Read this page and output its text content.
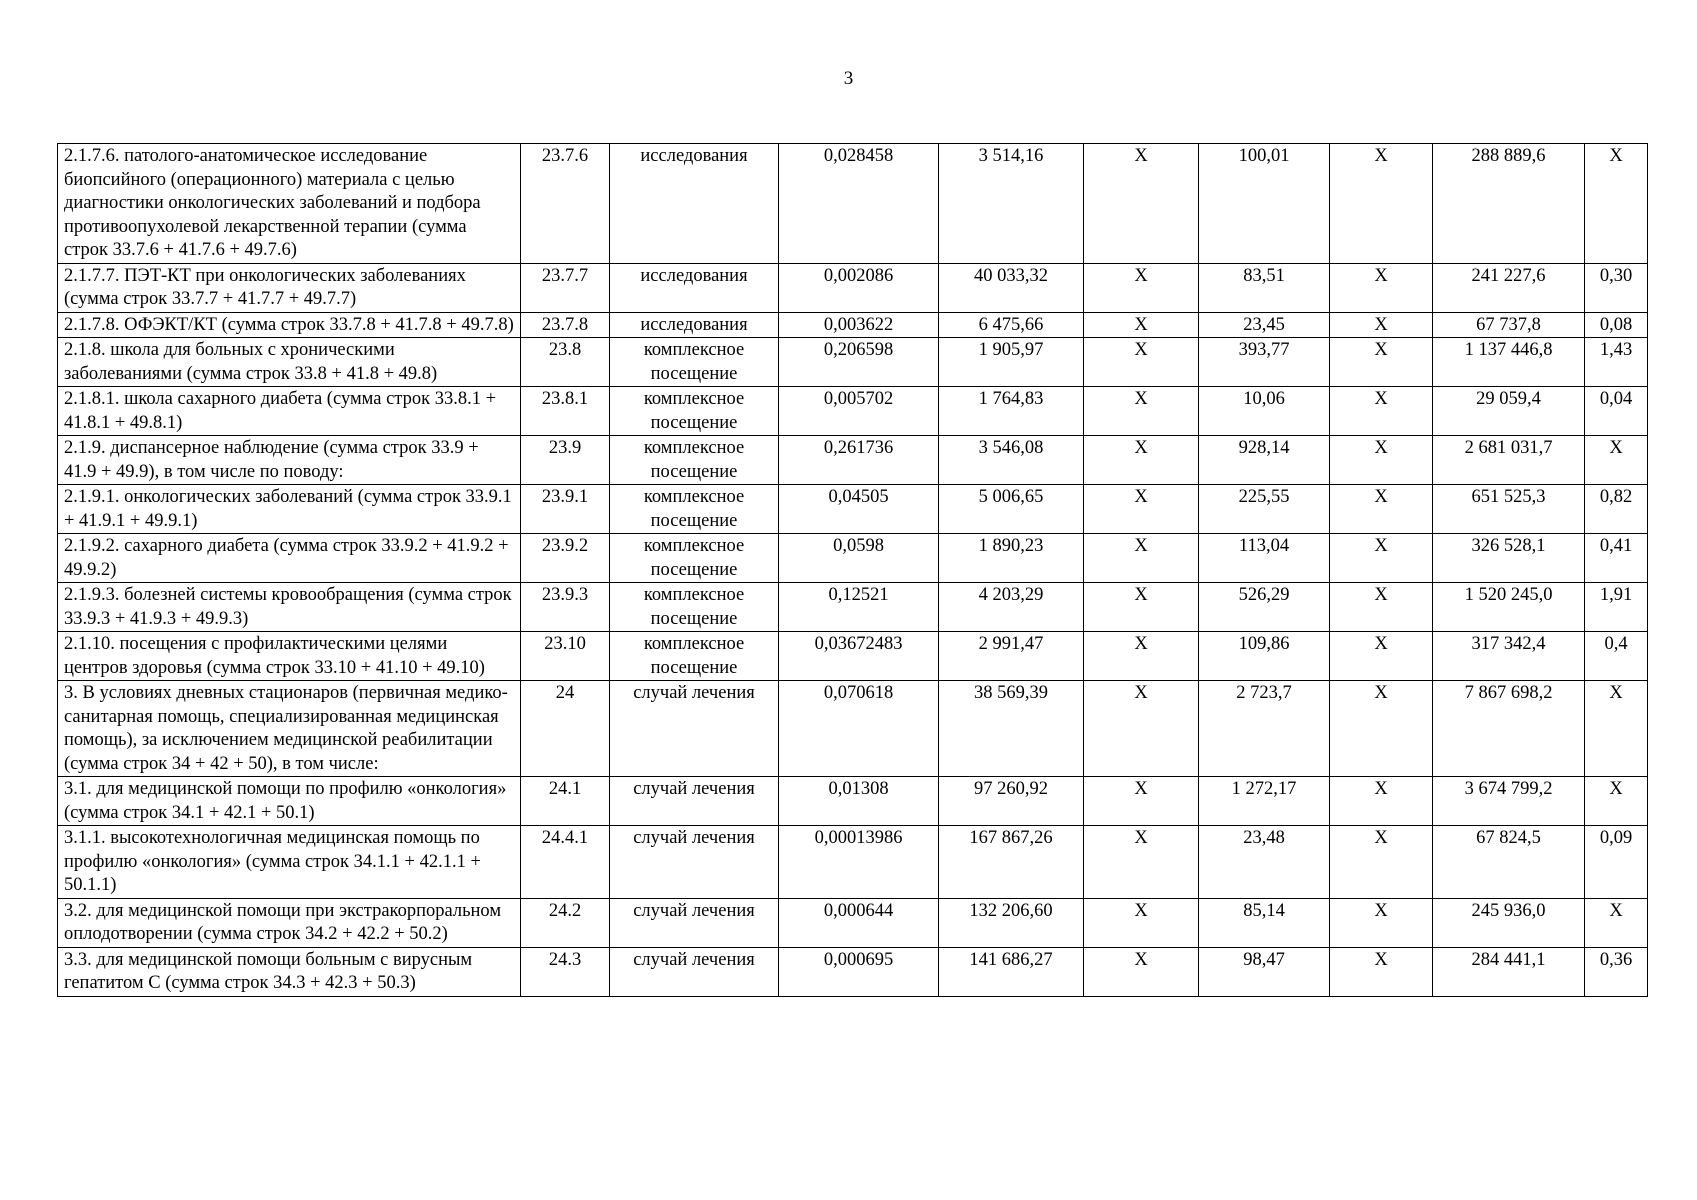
3
2.1.7.6. патолого-анатомическое исследование биопсийного (операционного) материала с целью диагностики онкологических заболеваний и подбора противоопухолевой лекарственной терапии (сумма строк 33.7.6 + 41.7.6 + 49.7.6)	23.7.6	исследования	0,028458	3 514,16	Х	100,01	Х	288 889,6	Х
2.1.7.7. ПЭТ-КТ при онкологических заболеваниях (сумма строк 33.7.7 + 41.7.7 + 49.7.7)	23.7.7	исследования	0,002086	40 033,32	Х	83,51	Х	241 227,6	0,30
2.1.7.8. ОФЭКТ/КТ (сумма строк 33.7.8 + 41.7.8 + 49.7.8)	23.7.8	исследования	0,003622	6 475,66	Х	23,45	Х	67 737,8	0,08
2.1.8. школа для больных с хроническими заболеваниями (сумма строк 33.8 + 41.8 + 49.8)	23.8	комплексное посещение	0,206598	1 905,97	Х	393,77	Х	1 137 446,8	1,43
2.1.8.1. школа сахарного диабета (сумма строк 33.8.1 + 41.8.1 + 49.8.1)	23.8.1	комплексное посещение	0,005702	1 764,83	Х	10,06	Х	29 059,4	0,04
2.1.9. диспансерное наблюдение (сумма строк 33.9 + 41.9 + 49.9), в том числе по поводу:	23.9	комплексное посещение	0,261736	3 546,08	Х	928,14	Х	2 681 031,7	Х
2.1.9.1. онкологических заболеваний (сумма строк 33.9.1 + 41.9.1 + 49.9.1)	23.9.1	комплексное посещение	0,04505	5 006,65	Х	225,55	Х	651 525,3	0,82
2.1.9.2. сахарного диабета (сумма строк 33.9.2 + 41.9.2 + 49.9.2)	23.9.2	комплексное посещение	0,0598	1 890,23	Х	113,04	Х	326 528,1	0,41
2.1.9.3. болезней системы кровообращения (сумма строк 33.9.3 + 41.9.3 + 49.9.3)	23.9.3	комплексное посещение	0,12521	4 203,29	Х	526,29	Х	1 520 245,0	1,91
2.1.10. посещения с профилактическими целями центров здоровья (сумма строк 33.10 + 41.10 + 49.10)	23.10	комплексное посещение	0,03672483	2 991,47	Х	109,86	Х	317 342,4	0,4
3. В условиях дневных стационаров (первичная медико-санитарная помощь, специализированная медицинская помощь), за исключением медицинской реабилитации (сумма строк 34 + 42 + 50), в том числе:	24	случай лечения	0,070618	38 569,39	Х	2 723,7	Х	7 867 698,2	Х
3.1. для медицинской помощи по профилю «онкология» (сумма строк 34.1 + 42.1 + 50.1)	24.1	случай лечения	0,01308	97 260,92	Х	1 272,17	Х	3 674 799,2	Х
3.1.1. высокотехнологичная медицинская помощь по профилю «онкология» (сумма строк 34.1.1 + 42.1.1 + 50.1.1)	24.4.1	случай лечения	0,00013986	167 867,26	Х	23,48	Х	67 824,5	0,09
3.2. для медицинской помощи при экстракорпоральном оплодотворении (сумма строк 34.2 + 42.2 + 50.2)	24.2	случай лечения	0,000644	132 206,60	Х	85,14	Х	245 936,0	Х
3.3. для медицинской помощи больным с вирусным гепатитом С (сумма строк 34.3 + 42.3 + 50.3)	24.3	случай лечения	0,000695	141 686,27	Х	98,47	Х	284 441,1	0,36
